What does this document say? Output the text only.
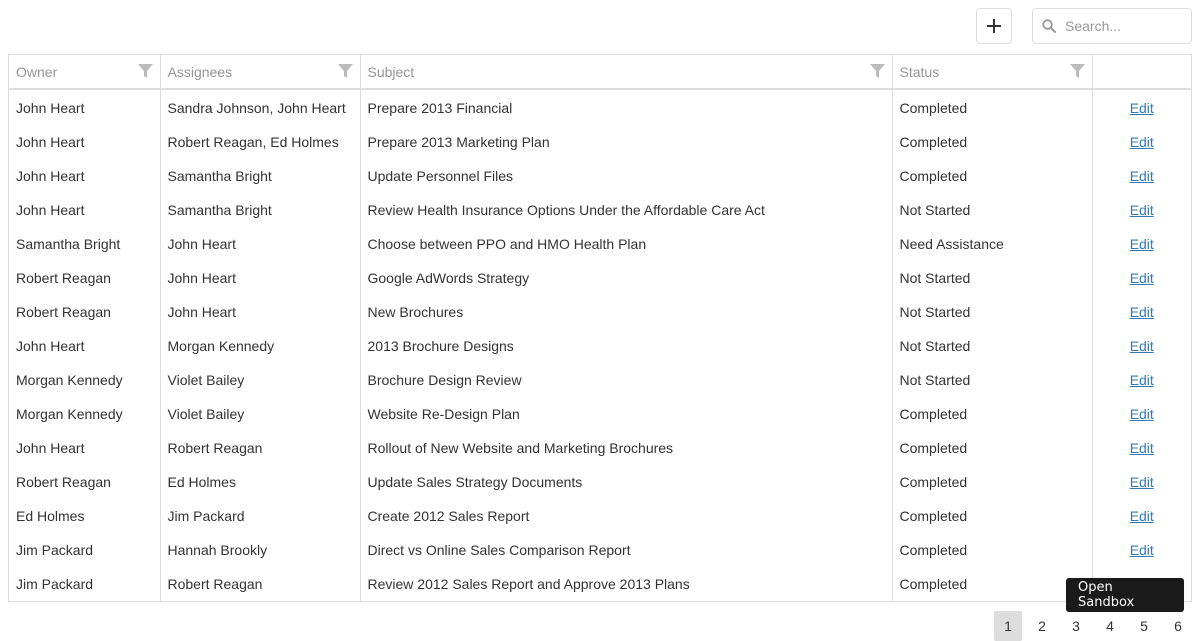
Search...
Owner	Assignees	Subject	Status

John Heart	Sandra Johnson, John Heart	Prepare 2013 Financial	Completed	Edit
John Heart	Robert Reagan, Ed Holmes	Prepare 2013 Marketing Plan	Completed	Edit
John Heart	Samantha Bright	Update Personnel Files	Completed	Edit
John Heart	Samantha Bright	Review Health Insurance Options Under the Affordable Care Act	Not Started	Edit
Samantha Bright	John Heart	Choose between PPO and HMO Health Plan	Need Assistance	Edit
Robert Reagan	John Heart	Google AdWords Strategy	Not Started	Edit
Robert Reagan	John Heart	New Brochures	Not Started	Edit
John Heart	Morgan Kennedy	2013 Brochure Designs	Not Started	Edit
Morgan Kennedy	Violet Bailey	Brochure Design Review	Not Started	Edit
Morgan Kennedy	Violet Bailey	Website Re-Design Plan	Completed	Edit
John Heart	Robert Reagan	Rollout of New Website and Marketing Brochures	Completed	Edit
Robert Reagan	Ed Holmes	Update Sales Strategy Documents	Completed	Edit
Ed Holmes	Jim Packard	Create 2012 Sales Report	Completed	Edit
Jim Packard	Hannah Brookly	Direct vs Online Sales Comparison Report	Completed	Edit
Jim Packard	Robert Reagan	Review 2012 Sales Report and Approve 2013 Plans	Completed	
1	2	3	4	5	6
Open Sandbox
